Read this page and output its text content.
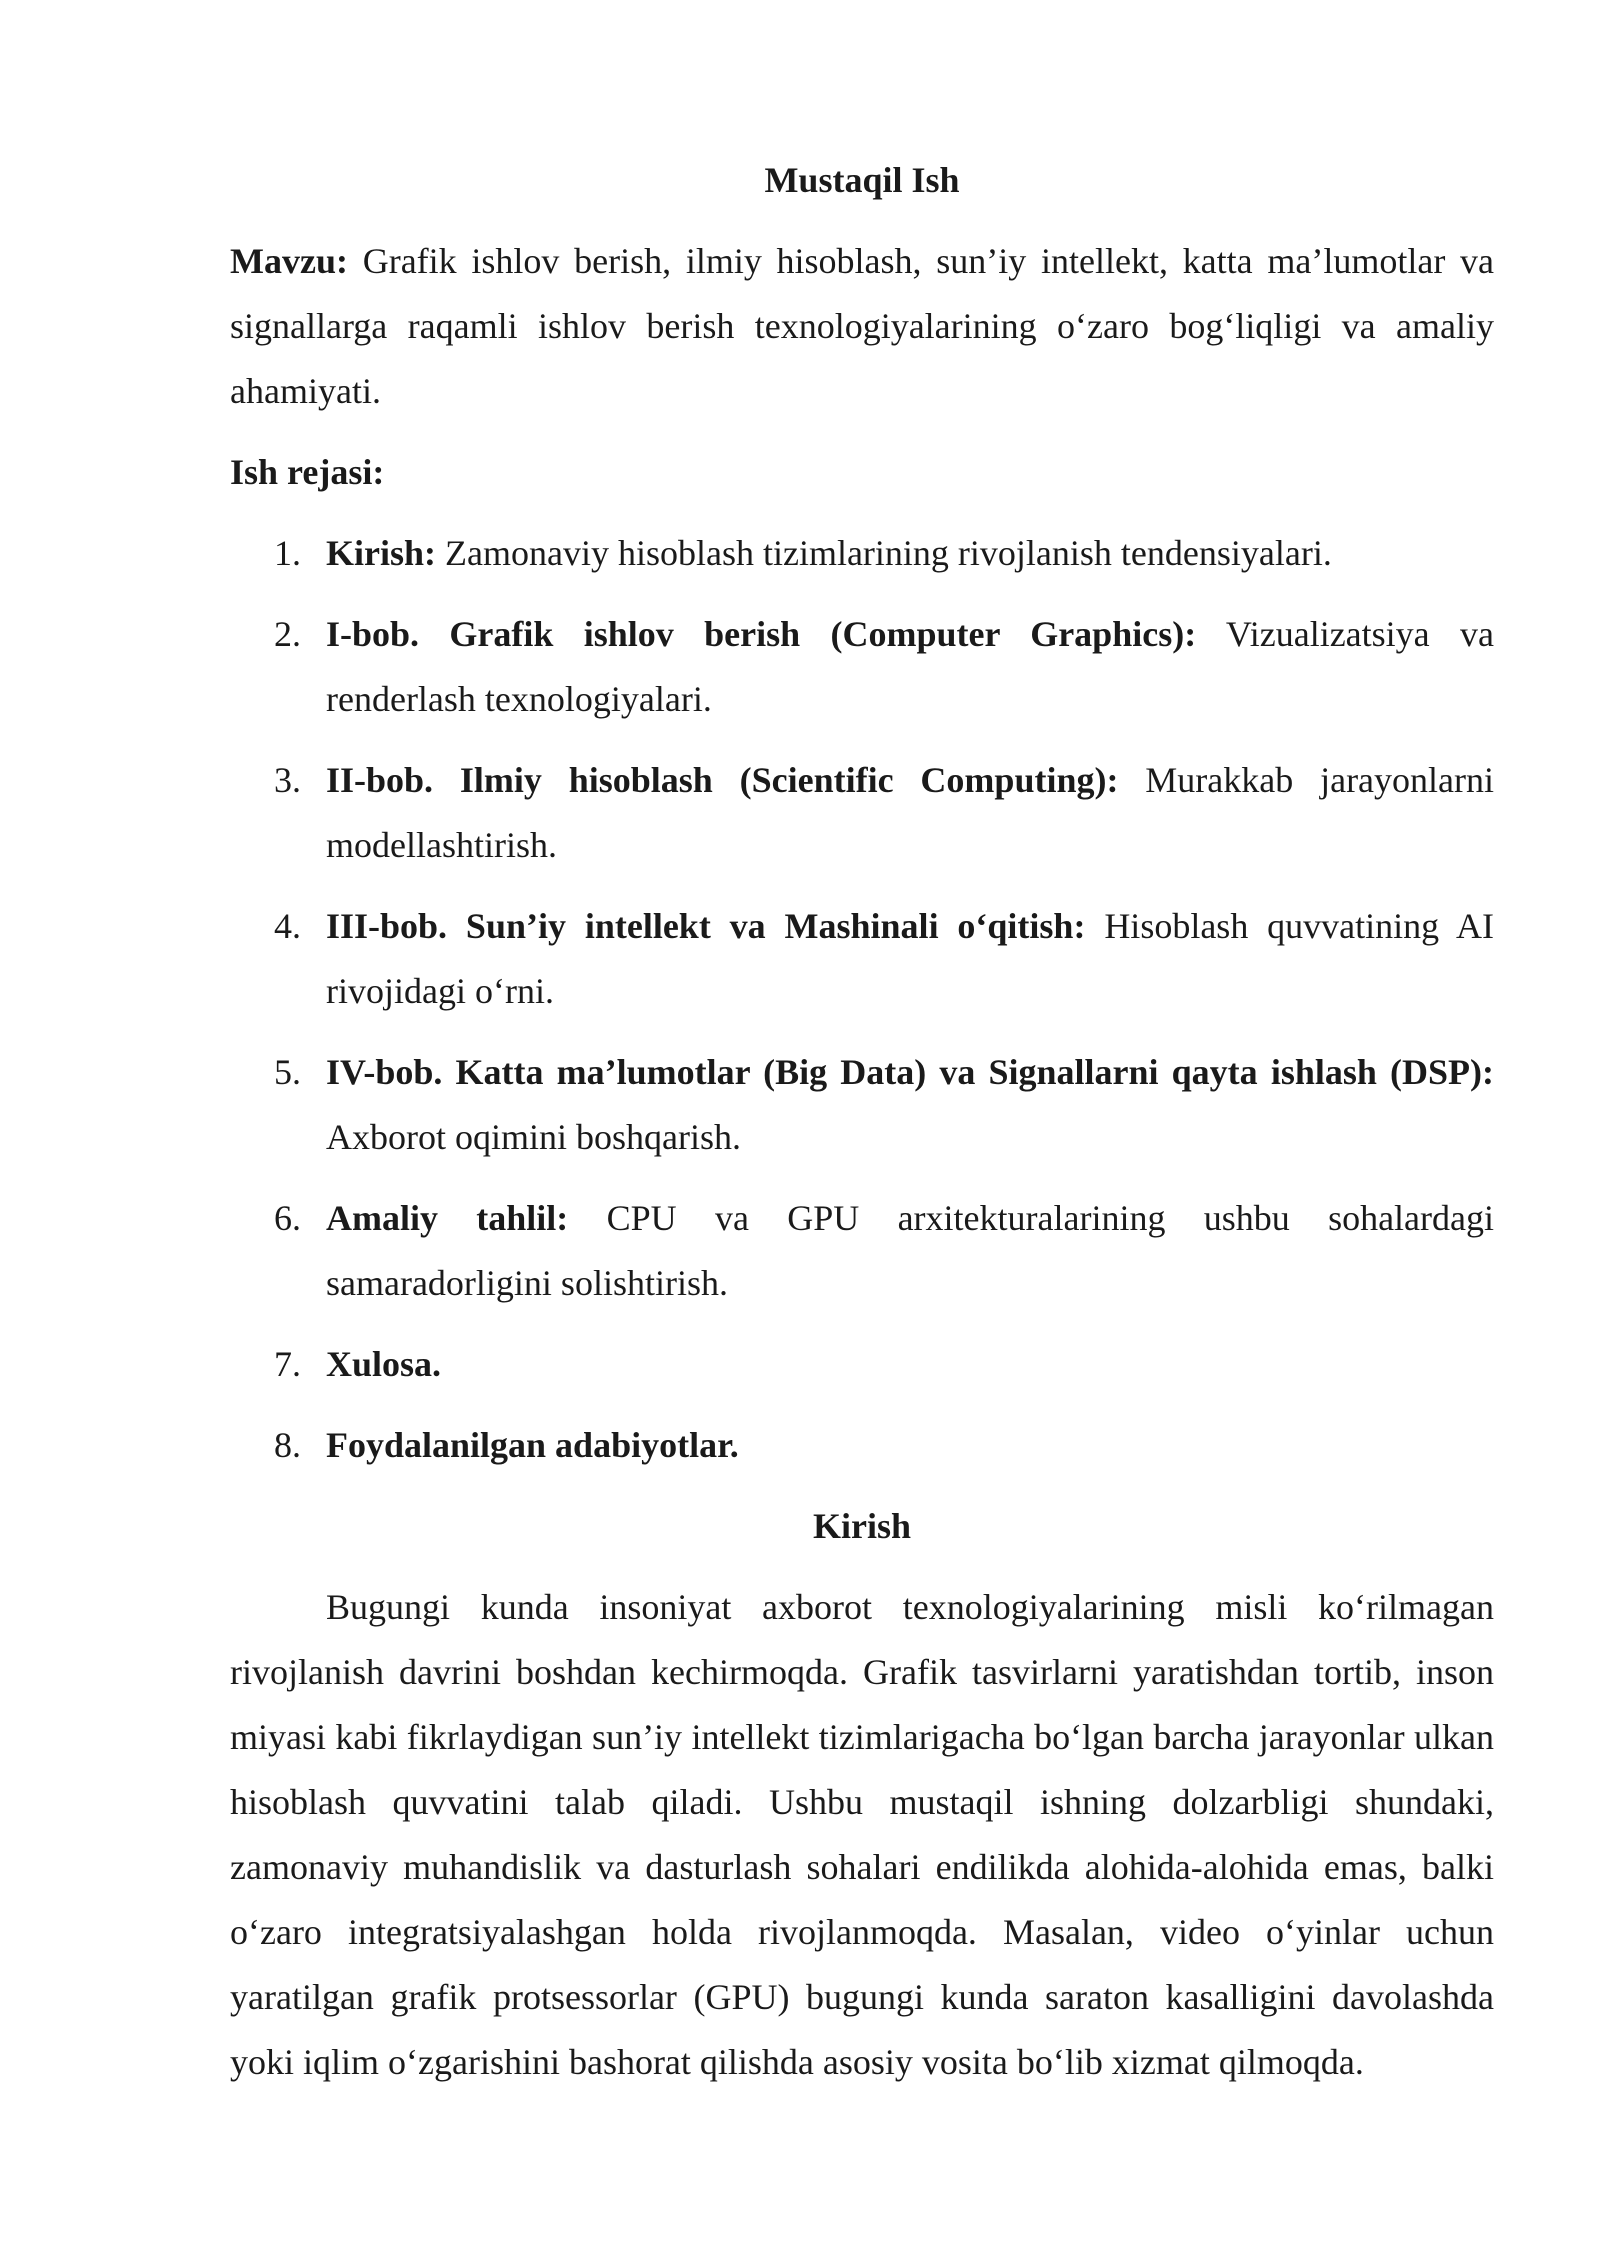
Mustaqil Ish

Mavzu: Grafik ishlov berish, ilmiy hisoblash, sun’iy intellekt, katta ma’lumotlar va signallarga raqamli ishlov berish texnologiyalarining o‘zaro bog‘liqligi va amaliy ahamiyati.

Ish rejasi:
1. Kirish: Zamonaviy hisoblash tizimlarining rivojlanish tendensiyalari.
2. I-bob. Grafik ishlov berish (Computer Graphics): Vizualizatsiya va renderlash texnologiyalari.
3. II-bob. Ilmiy hisoblash (Scientific Computing): Murakkab jarayonlarni modellashtirish.
4. III-bob. Sun’iy intellekt va Mashinali o‘qitish: Hisoblash quvvatining AI rivojidagi o‘rni.
5. IV-bob. Katta ma’lumotlar (Big Data) va Signallarni qayta ishlash (DSP): Axborot oqimini boshqarish.
6. Amaliy tahlil: CPU va GPU arxitekturalarining ushbu sohalardagi samaradorligini solishtirish.
7. Xulosa.
8. Foydalanilgan adabiyotlar.
Kirish

Bugungi kunda insoniyat axborot texnologiyalarining misli ko‘rilmagan rivojlanish davrini boshdan kechirmoqda. Grafik tasvirlarni yaratishdan tortib, inson miyasi kabi fikrlaydigan sun’iy intellekt tizimlarigacha bo‘lgan barcha jarayonlar ulkan hisoblash quvvatini talab qiladi. Ushbu mustaqil ishning dolzarbligi shundaki, zamonaviy muhandislik va dasturlash sohalari endilikda alohida-alohida emas, balki o‘zaro integratsiyalashgan holda rivojlanmoqda. Masalan, video o‘yinlar uchun yaratilgan grafik protsessorlar (GPU) bugungi kunda saraton kasalligini davolashda yoki iqlim o‘zgarishini bashorat qilishda asosiy vosita bo‘lib xizmat qilmoqda.
